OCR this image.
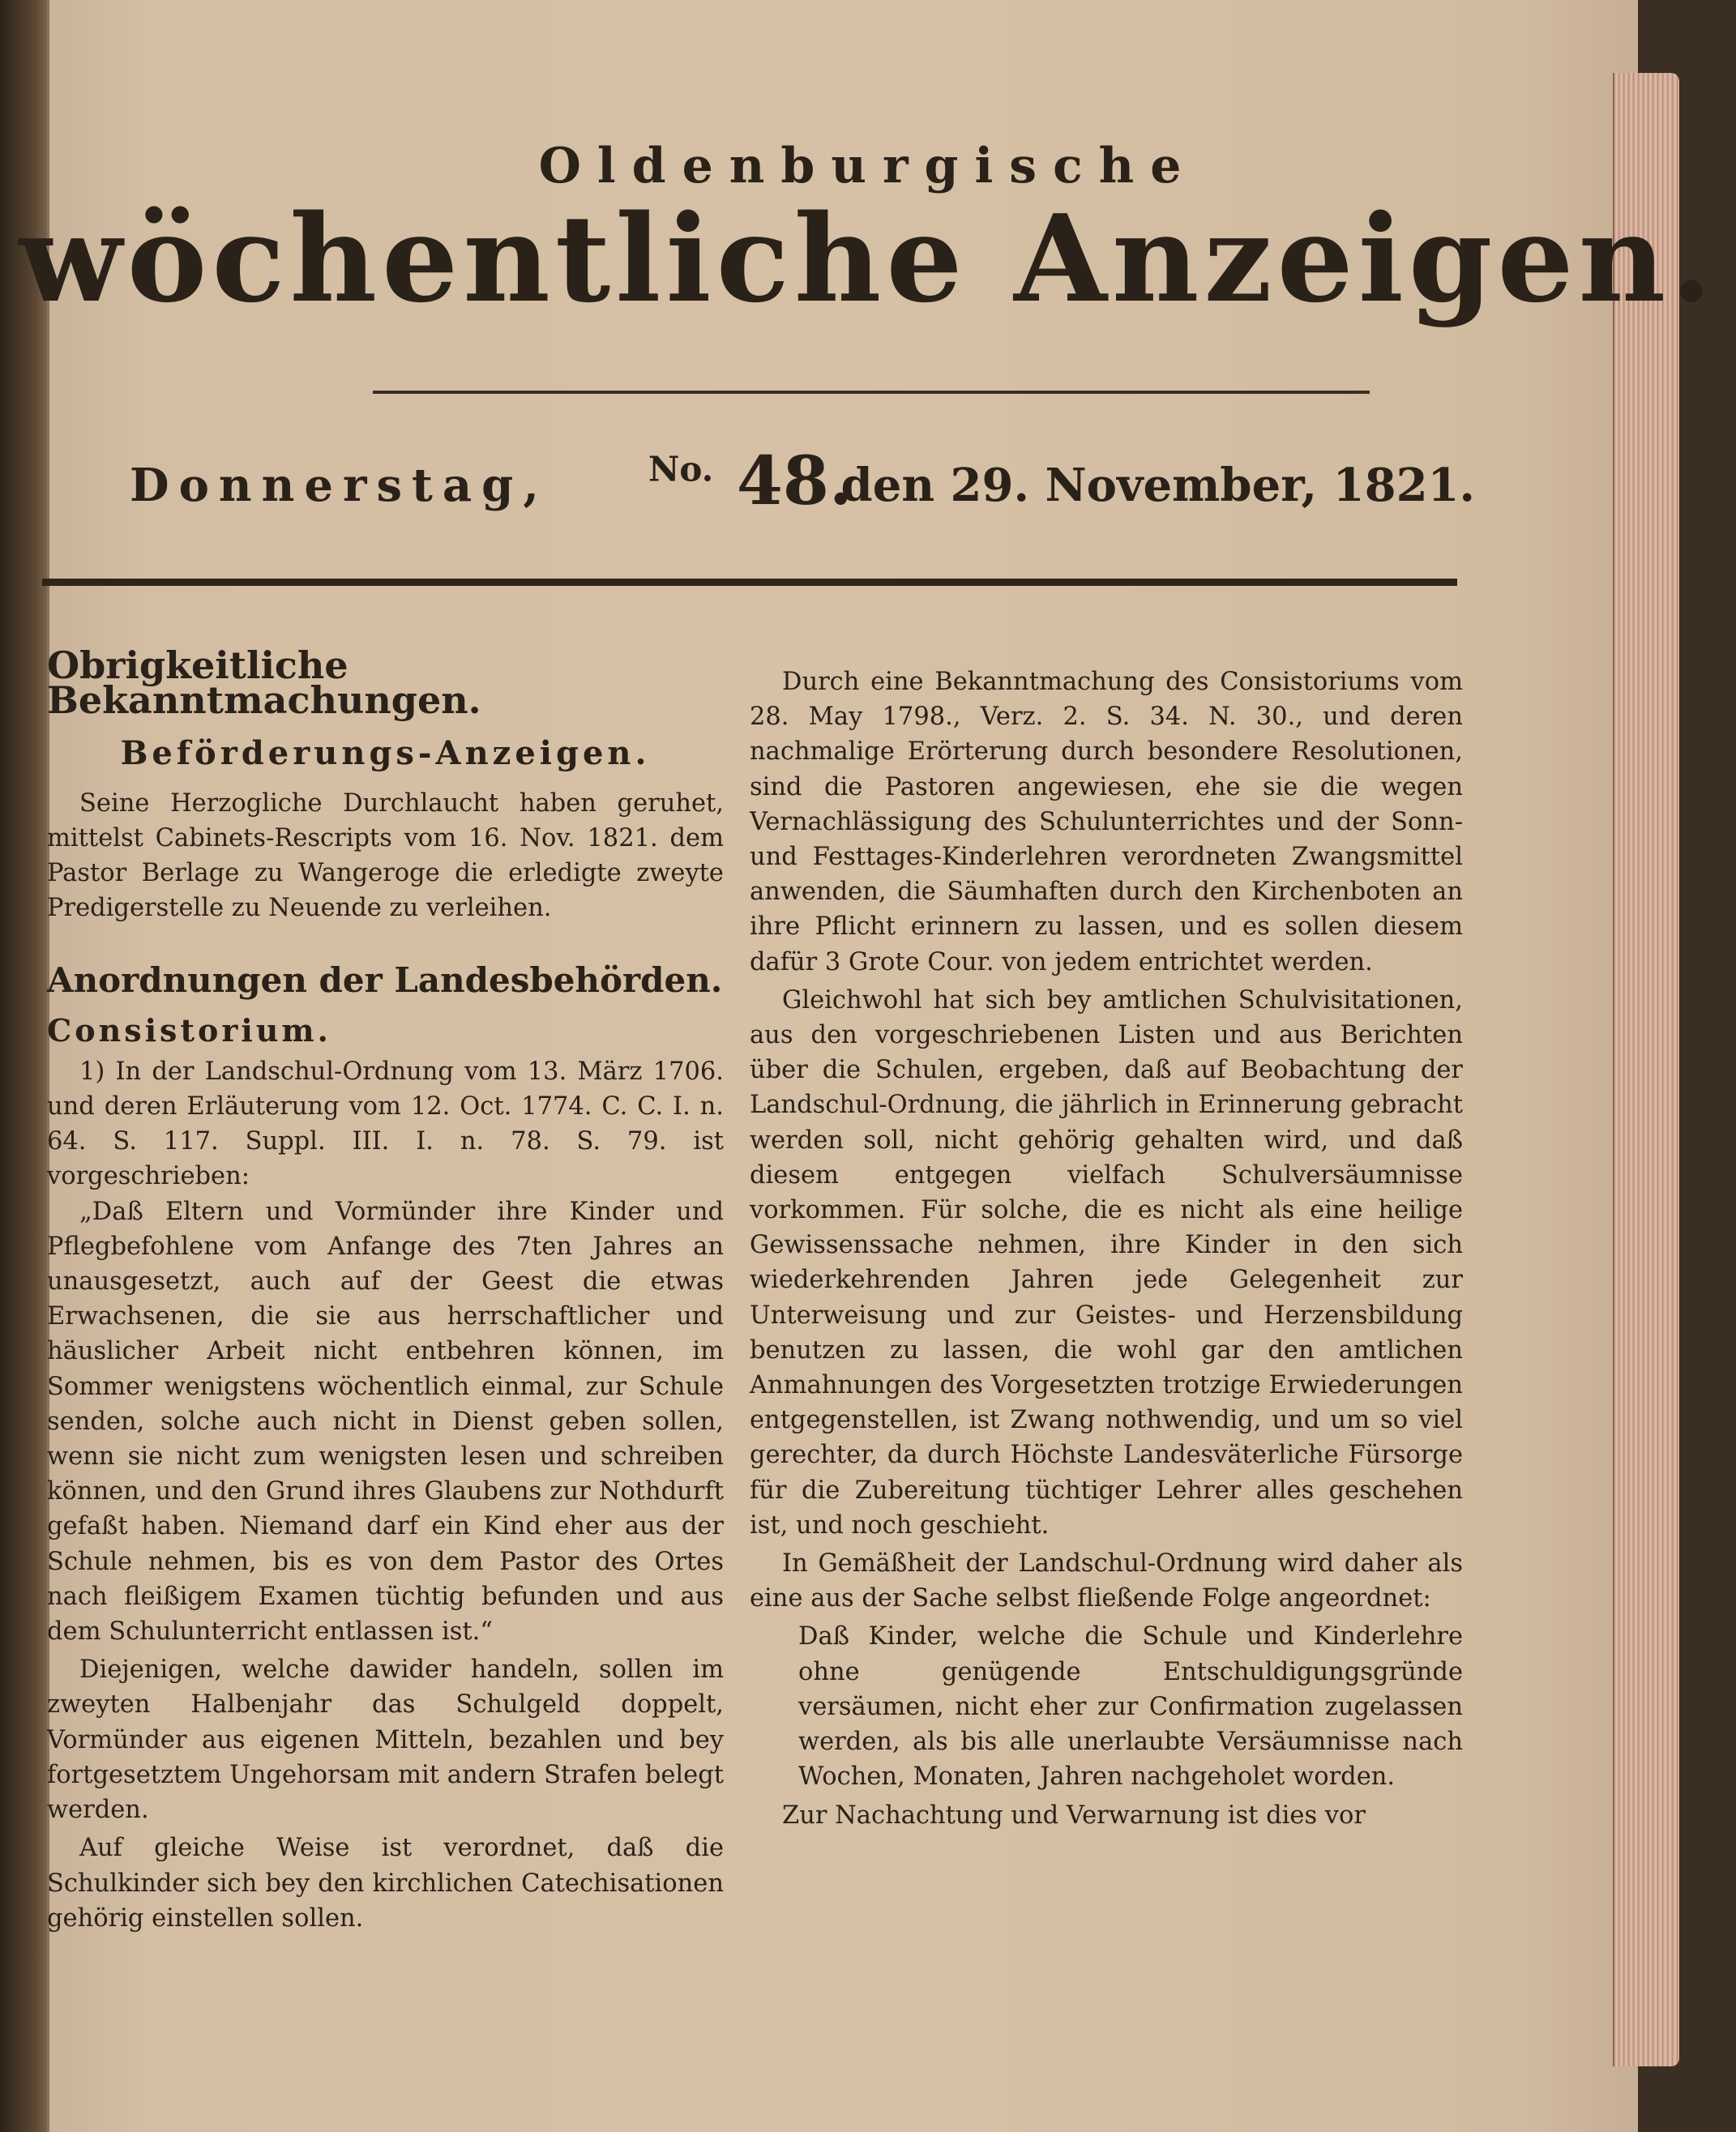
Oldenburgische
wöchentliche Anzeigen.
Donnerstag,	$^{No.}$ 48.
den 29. November, 1821.
Obrigkeitliche Bekanntmachungen.
Beförderungs-Anzeigen.

Seine Herzogliche Durchlaucht haben geruhet, mittelst Cabinets-Rescripts vom 16. Nov. 1821. dem Pastor Berlage zu Wangeroge die erledigte zweyte Predigerstelle zu Neuende zu verleihen.

Anordnungen der Landesbehörden.
Consistorium.

1) In der Landschul-Ordnung vom 13. März 1706. und deren Erläuterung vom 12. Oct. 1774. C. C. I. n. 64. S. 117. Suppl. III. I. n. 78. S. 79. ist vorgeschrieben:

„Daß Eltern und Vormünder ihre Kinder und Pflegbefohlene vom Anfange des 7ten Jahres an unausgesetzt, auch auf der Geest die etwas Erwachsenen, die sie aus herrschaftlicher und häuslicher Arbeit nicht entbehren können, im Sommer wenigstens wöchentlich einmal, zur Schule senden, solche auch nicht in Dienst geben sollen, wenn sie nicht zum wenigsten lesen und schreiben können, und den Grund ihres Glaubens zur Nothdurft gefaßt haben. Niemand darf ein Kind eher aus der Schule nehmen, bis es von dem Pastor des Ortes nach fleißigem Examen tüchtig befunden und aus dem Schulunterricht entlassen ist.“

Diejenigen, welche dawider handeln, sollen im zweyten Halbenjahr das Schulgeld doppelt, Vormünder aus eigenen Mitteln, bezahlen und bey fortgesetztem Ungehorsam mit andern Strafen belegt werden.

Auf gleiche Weise ist verordnet, daß die Schulkinder sich bey den kirchlichen Catechisationen gehörig einstellen sollen.

Durch eine Bekanntmachung des Consistoriums vom 28. May 1798., Verz. 2. S. 34. N. 30., und deren nachmalige Erörterung durch besondere Resolutionen, sind die Pastoren angewiesen, ehe sie die wegen Vernachlässigung des Schulunterrichtes und der Sonn- und Festtages-Kinderlehren verordneten Zwangsmittel anwenden, die Säumhaften durch den Kirchenboten an ihre Pflicht erinnern zu lassen, und es sollen diesem dafür 3 Grote Cour. von jedem entrichtet werden.

Gleichwohl hat sich bey amtlichen Schulvisitationen, aus den vorgeschriebenen Listen und aus Berichten über die Schulen, ergeben, daß auf Beobachtung der Landschul-Ordnung, die jährlich in Erinnerung gebracht werden soll, nicht gehörig gehalten wird, und daß diesem entgegen vielfach Schulversäumnisse vorkommen. Für solche, die es nicht als eine heilige Gewissenssache nehmen, ihre Kinder in den sich wiederkehrenden Jahren jede Gelegenheit zur Unterweisung und zur Geistes- und Herzensbildung benutzen zu lassen, die wohl gar den amtlichen Anmahnungen des Vorgesetzten trotzige Erwiederungen entgegenstellen, ist Zwang nothwendig, und um so viel gerechter, da durch Höchste Landesväterliche Fürsorge für die Zubereitung tüchtiger Lehrer alles geschehen ist, und noch geschieht.

In Gemäßheit der Landschul-Ordnung wird daher als eine aus der Sache selbst fließende Folge angeordnet:

Daß Kinder, welche die Schule und Kinderlehre ohne genügende Entschuldigungsgründe versäumen, nicht eher zur Confirmation zugelassen werden, als bis alle unerlaubte Versäumnisse nach Wochen, Monaten, Jahren nachgeholet worden.

Zur Nachachtung und Verwarnung ist dies vor
